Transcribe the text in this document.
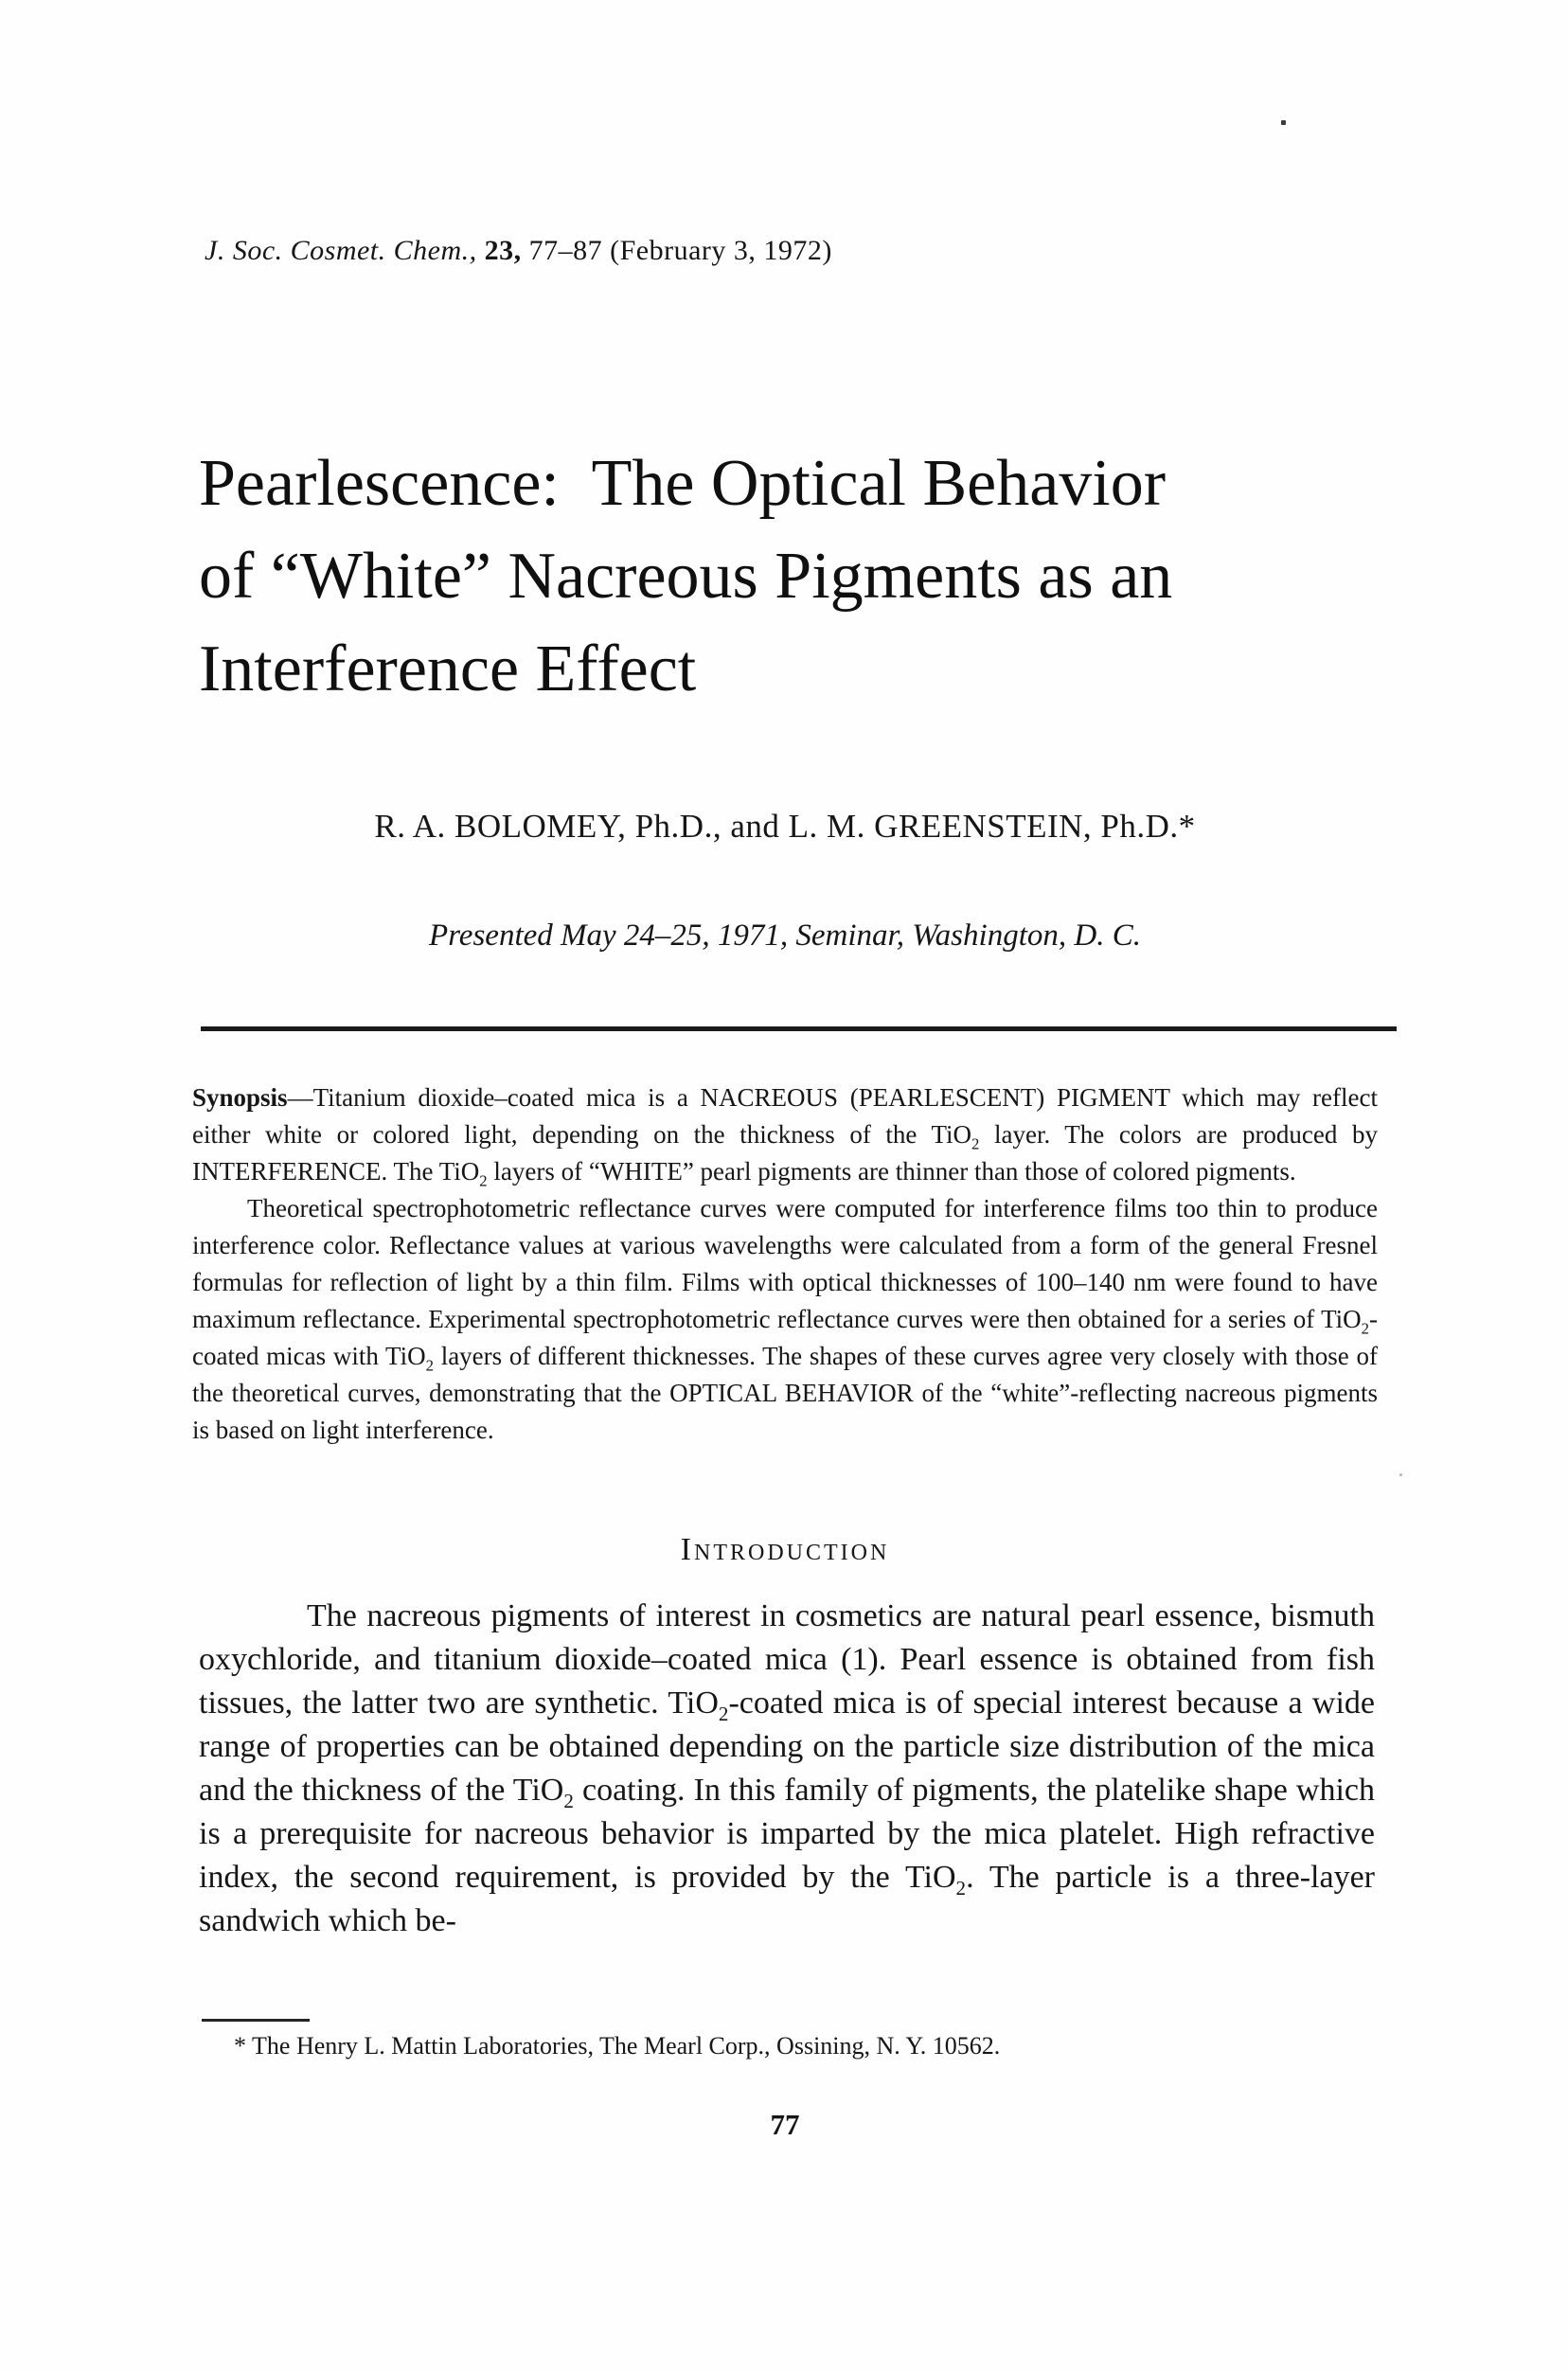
J. Soc. Cosmet. Chem., 23, 77–87 (February 3, 1972)
Pearlescence:  The Optical Behavior
of “White” Nacreous Pigments as an
Interference Effect
R. A. BOLOMEY, Ph.D., and L. M. GREENSTEIN, Ph.D.*
Presented May 24–25, 1971, Seminar, Washington, D. C.

Synopsis—Titanium dioxide–coated mica is a NACREOUS (PEARLESCENT) PIGMENT which may reflect either white or colored light, depending on the thickness of the TiO$_2$ layer. The colors are produced by INTERFERENCE. The TiO$_2$ layers of “WHITE” pearl pigments are thinner than those of colored pigments.

Theoretical spectrophotometric reflectance curves were computed for interference films too thin to produce interference color. Reflectance values at various wavelengths were calculated from a form of the general Fresnel formulas for reflection of light by a thin film. Films with optical thicknesses of 100–140 nm were found to have maximum reflectance. Experimental spectrophotometric reflectance curves were then obtained for a series of TiO$_2$-coated micas with TiO$_2$ layers of different thicknesses. The shapes of these curves agree very closely with those of the theoretical curves, demonstrating that the OPTICAL BEHAVIOR of the “white”-reflecting nacreous pigments is based on light interference.

Introduction

The nacreous pigments of interest in cosmetics are natural pearl essence, bismuth oxychloride, and titanium dioxide–coated mica (1). Pearl essence is obtained from fish tissues, the latter two are synthetic. TiO$_2$-coated mica is of special interest because a wide range of properties can be obtained depending on the particle size distribution of the mica and the thickness of the TiO$_2$ coating. In this family of pigments, the platelike shape which is a prerequisite for nacreous behavior is imparted by the mica platelet. High refractive index, the second requirement, is provided by the TiO$_2$. The particle is a three-layer sandwich which be-

* The Henry L. Mattin Laboratories, The Mearl Corp., Ossining, N. Y. 10562.
77
